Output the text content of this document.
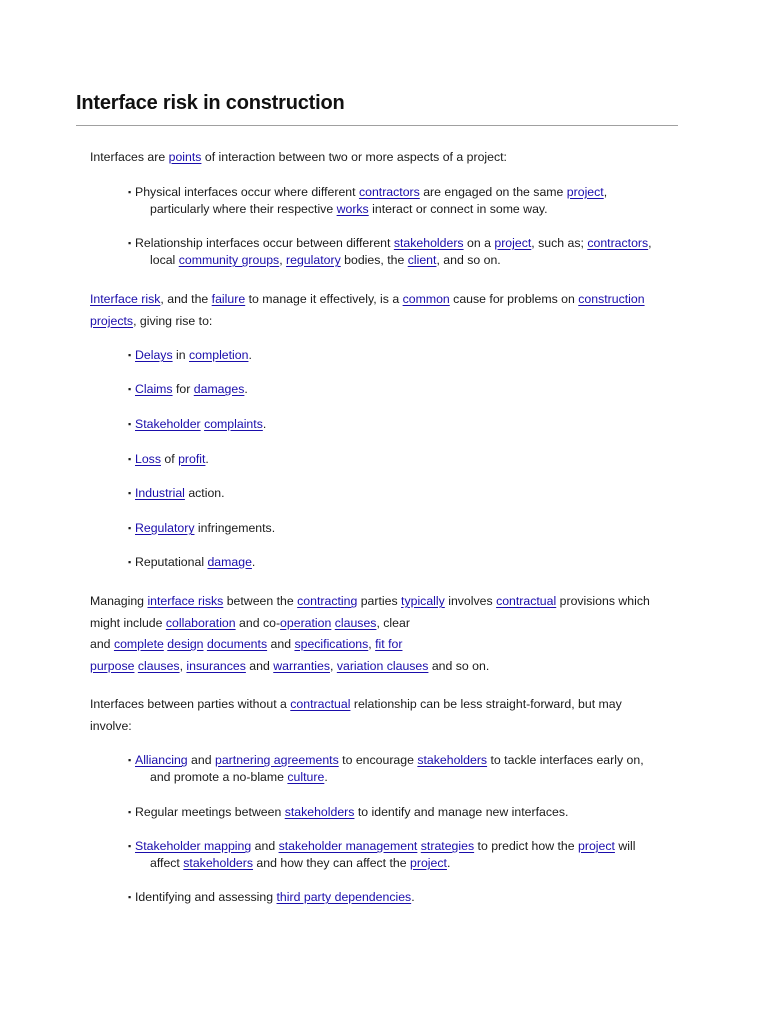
Interface risk in construction
Interfaces are points of interaction between two or more aspects of a project:
▪ Physical interfaces occur where different contractors are engaged on the same project,
particularly where their respective works interact or connect in some way.
▪ Relationship interfaces occur between different stakeholders on a project, such as; contractors,
local community groups, regulatory bodies, the client, and so on.
Interface risk, and the failure to manage it effectively, is a common cause for problems on construction
projects, giving rise to:
▪ Delays in completion.
▪ Claims for damages.
▪ Stakeholder complaints.
▪ Loss of profit.
▪ Industrial action.
▪ Regulatory infringements.
▪ Reputational damage.
Managing interface risks between the contracting parties typically involves contractual provisions which
might include collaboration and co-operation clauses, clear
and complete design documents and specifications, fit for
purpose clauses, insurances and warranties, variation clauses and so on.
Interfaces between parties without a contractual relationship can be less straight-forward, but may
involve:
▪ Alliancing and partnering agreements to encourage stakeholders to tackle interfaces early on,
and promote a no-blame culture.
▪ Regular meetings between stakeholders to identify and manage new interfaces.
▪ Stakeholder mapping and stakeholder management strategies to predict how the project will
affect stakeholders and how they can affect the project.
▪ Identifying and assessing third party dependencies.
